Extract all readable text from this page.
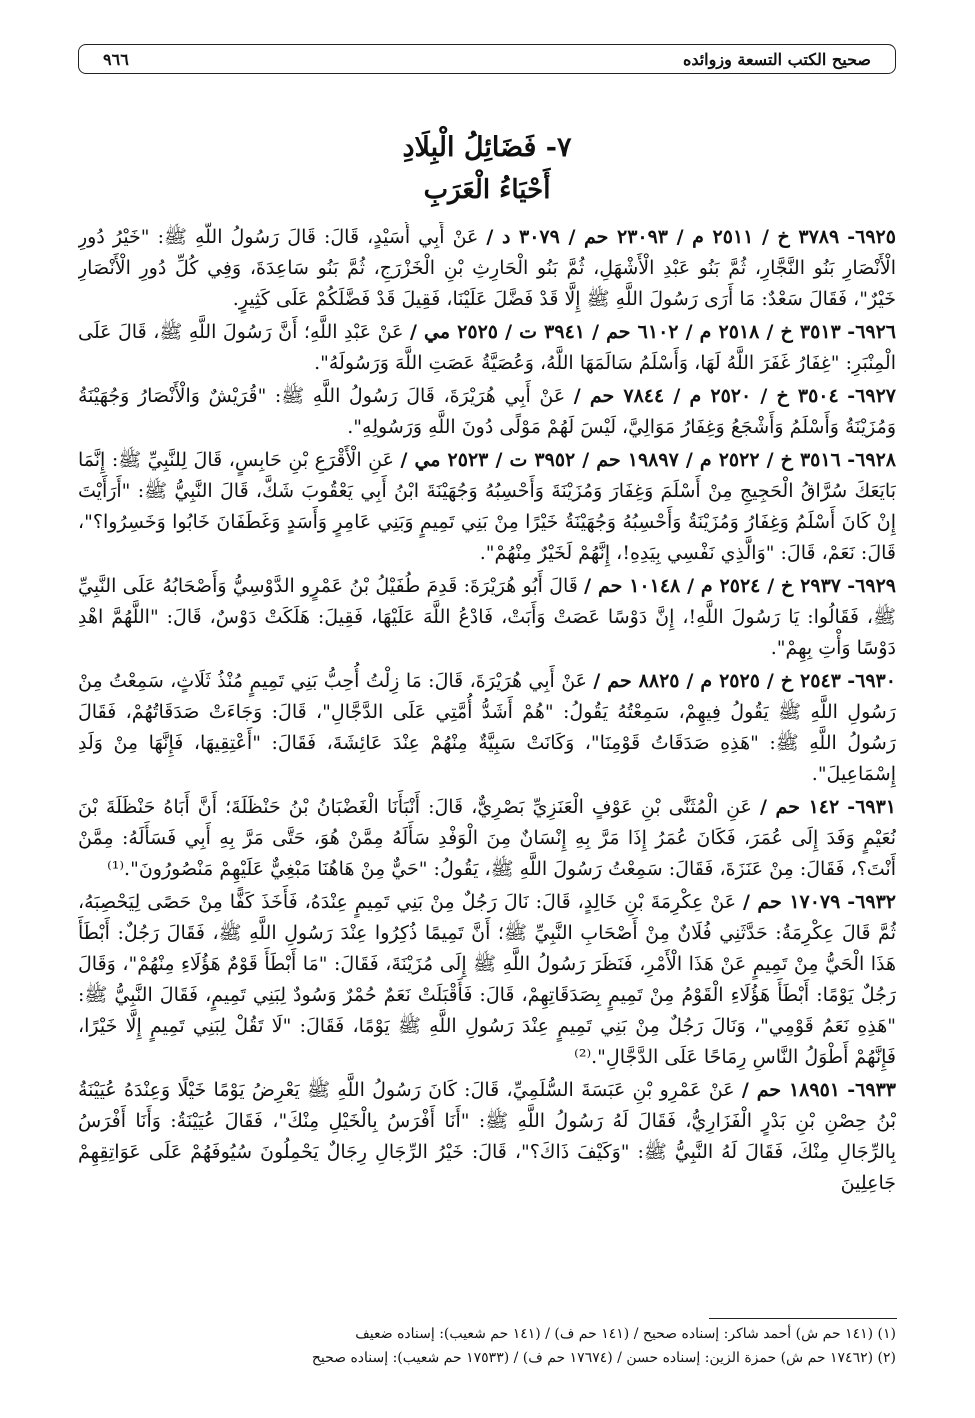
صحيح الكتب التسعة وزوائده
٩٦٦
٧- فَضَائِلُ الْبِلَادِ
أَحْيَاءُ الْعَرَبِ

٦٩٢٥- ٣٧٨٩ خ / ٢٥١١ م / ٢٣٠٩٣ حم / ٣٠٧٩ د / عَنْ أَبِي أُسَيْدٍ، قَالَ: قَالَ رَسُولُ اللَّهِ ﷺ: "خَيْرُ دُورِ الْأَنْصَارِ بَنُو النَّجَّارِ، ثُمَّ بَنُو عَبْدِ الْأَشْهَلِ، ثُمَّ بَنُو الْحَارِثِ بْنِ الْخَزْرَجِ، ثُمَّ بَنُو سَاعِدَةَ، وَفِي كُلِّ دُورِ الْأَنْصَارِ خَيْرٌ"، فَقَالَ سَعْدٌ: مَا أَرَى رَسُولَ اللَّهِ ﷺ إِلَّا قَدْ فَضَّلَ عَلَيْنَا، فَقِيلَ قَدْ فَضَّلَكُمْ عَلَى كَثِيرٍ.

٦٩٢٦- ٣٥١٣ خ / ٢٥١٨ م / ٦١٠٢ حم / ٣٩٤١ ت / ٢٥٢٥ مي / عَنْ عَبْدِ اللَّهِ؛ أَنَّ رَسُولَ اللَّهِ ﷺ، قَالَ عَلَى الْمِنْبَرِ: "غِفَارُ غَفَرَ اللَّهُ لَهَا، وَأَسْلَمُ سَالَمَهَا اللَّهُ، وَعُصَيَّةُ عَصَتِ اللَّهَ وَرَسُولَهُ".

٦٩٢٧- ٣٥٠٤ خ / ٢٥٢٠ م / ٧٨٤٤ حم / عَنْ أَبِي هُرَيْرَةَ، قَالَ رَسُولُ اللَّهِ ﷺ: "قُرَيْشٌ وَالْأَنْصَارُ وَجُهَيْنَةُ وَمُزَيْنَةُ وَأَسْلَمُ وَأَشْجَعُ وَغِفَارُ مَوَالِيَّ، لَيْسَ لَهُمْ مَوْلًى دُونَ اللَّهِ وَرَسُولِهِ".

٦٩٢٨- ٣٥١٦ خ / ٢٥٢٢ م / ١٩٨٩٧ حم / ٣٩٥٢ ت / ٢٥٢٣ مي / عَنِ الْأَقْرَعِ بْنِ حَابِسٍ، قَالَ لِلنَّبِيِّ ﷺ: إِنَّمَا بَايَعَكَ سُرَّاقُ الْحَجِيجِ مِنْ أَسْلَمَ وَغِفَارَ وَمُزَيْنَةَ وَأَحْسِبُهُ وَجُهَيْنَةَ ابْنُ أَبِي يَعْقُوبَ شَكَّ، قَالَ النَّبِيُّ ﷺ: "أَرَأَيْتَ إِنْ كَانَ أَسْلَمُ وَغِفَارُ وَمُزَيْنَةُ وَأَحْسِبُهُ وَجُهَيْنَةُ خَيْرًا مِنْ بَنِي تَمِيمٍ وَبَنِي عَامِرٍ وَأَسَدٍ وَغَطَفَانَ خَابُوا وَخَسِرُوا؟"، قَالَ: نَعَمْ، قَالَ: "وَالَّذِي نَفْسِي بِيَدِهِ!، إِنَّهُمْ لَخَيْرٌ مِنْهُمْ".

٦٩٢٩- ٢٩٣٧ خ / ٢٥٢٤ م / ١٠١٤٨ حم / قَالَ أَبُو هُرَيْرَةَ: قَدِمَ طُفَيْلُ بْنُ عَمْرٍو الدَّوْسِيُّ وَأَصْحَابُهُ عَلَى النَّبِيِّ ﷺ، فَقَالُوا: يَا رَسُولَ اللَّهِ!، إِنَّ دَوْسًا عَصَتْ وَأَبَتْ، فَادْعُ اللَّهَ عَلَيْهَا، فَقِيلَ: هَلَكَتْ دَوْسٌ، قَالَ: "اللَّهُمَّ اهْدِ دَوْسًا وَأْتِ بِهِمْ".

٦٩٣٠- ٢٥٤٣ خ / ٢٥٢٥ م / ٨٨٢٥ حم / عَنْ أَبِي هُرَيْرَةَ، قَالَ: مَا زِلْتُ أُحِبُّ بَنِي تَمِيمٍ مُنْذُ ثَلَاثٍ، سَمِعْتُ مِنْ رَسُولِ اللَّهِ ﷺ يَقُولُ فِيهِمْ، سَمِعْتُهُ يَقُولُ: "هُمْ أَشَدُّ أُمَّتِي عَلَى الدَّجَّالِ"، قَالَ: وَجَاءَتْ صَدَقَاتُهُمْ، فَقَالَ رَسُولُ اللَّهِ ﷺ: "هَذِهِ صَدَقَاتُ قَوْمِنَا"، وَكَانَتْ سَبِيَّةٌ مِنْهُمْ عِنْدَ عَائِشَةَ، فَقَالَ: "أَعْتِقِيهَا، فَإِنَّهَا مِنْ وَلَدِ إِسْمَاعِيلَ".

٦٩٣١- ١٤٢ حم / عَنِ الْمُثَنَّى بْنِ عَوْفٍ الْعَنَزِيِّ بَصْرِيٌّ، قَالَ: أَنْبَأَنَا الْغَضْبَانُ بْنُ حَنْظَلَةَ؛ أَنَّ أَبَاهُ حَنْظَلَةَ بْنَ نُعَيْمٍ وَفَدَ إِلَى عُمَرَ، فَكَانَ عُمَرُ إِذَا مَرَّ بِهِ إِنْسَانٌ مِنَ الْوَفْدِ سَأَلَهُ مِمَّنْ هُوَ، حَتَّى مَرَّ بِهِ أَبِي فَسَأَلَهُ: مِمَّنْ أَنْتَ؟، فَقَالَ: مِنْ عَنَزَةَ، فَقَالَ: سَمِعْتُ رَسُولَ اللَّهِ ﷺ، يَقُولُ: "حَيٌّ مِنْ هَاهُنَا مَبْغِيٌّ عَلَيْهِمْ مَنْصُورُونَ".⁽¹⁾

٦٩٣٢- ١٧٠٧٩ حم / عَنْ عِكْرِمَةَ بْنِ خَالِدٍ، قَالَ: نَالَ رَجُلٌ مِنْ بَنِي تَمِيمٍ عِنْدَهُ، فَأَخَذَ كَفًّا مِنْ حَصًى لِيَحْصِبَهُ، ثُمَّ قَالَ عِكْرِمَةُ: حَدَّثَنِي فُلَانٌ مِنْ أَصْحَابِ النَّبِيِّ ﷺ؛ أَنَّ تَمِيمًا ذُكِرُوا عِنْدَ رَسُولِ اللَّهِ ﷺ، فَقَالَ رَجُلٌ: أَبْطَأَ هَذَا الْحَيُّ مِنْ تَمِيمٍ عَنْ هَذَا الْأَمْرِ، فَنَظَرَ رَسُولُ اللَّهِ ﷺ إِلَى مُزَيْنَةَ، فَقَالَ: "مَا أَبْطَأَ قَوْمٌ هَؤُلَاءِ مِنْهُمْ"، وَقَالَ رَجُلٌ يَوْمًا: أَبْطَأَ هَؤُلَاءِ الْقَوْمُ مِنْ تَمِيمٍ بِصَدَقَاتِهِمْ، قَالَ: فَأَقْبَلَتْ نَعَمٌ حُمْرٌ وَسُودٌ لِبَنِي تَمِيمٍ، فَقَالَ النَّبِيُّ ﷺ: "هَذِهِ نَعَمُ قَوْمِي"، وَنَالَ رَجُلٌ مِنْ بَنِي تَمِيمٍ عِنْدَ رَسُولِ اللَّهِ ﷺ يَوْمًا، فَقَالَ: "لَا تَقُلْ لِبَنِي تَمِيمٍ إِلَّا خَيْرًا، فَإِنَّهُمْ أَطْوَلُ النَّاسِ رِمَاحًا عَلَى الدَّجَّالِ".⁽²⁾

٦٩٣٣- ١٨٩٥١ حم / عَنْ عَمْرِو بْنِ عَبَسَةَ السُّلَمِيِّ، قَالَ: كَانَ رَسُولُ اللَّهِ ﷺ يَعْرِضُ يَوْمًا خَيْلًا وَعِنْدَهُ عُيَيْنَةُ بْنُ حِصْنِ بْنِ بَدْرٍ الْفَزَارِيُّ، فَقَالَ لَهُ رَسُولُ اللَّهِ ﷺ: "أَنَا أَفْرَسُ بِالْخَيْلِ مِنْكَ"، فَقَالَ عُيَيْنَةُ: وَأَنَا أَفْرَسُ بِالرِّجَالِ مِنْكَ، فَقَالَ لَهُ النَّبِيُّ ﷺ: "وَكَيْفَ ذَاكَ؟"، قَالَ: خَيْرُ الرِّجَالِ رِجَالٌ يَحْمِلُونَ سُيُوفَهُمْ عَلَى عَوَاتِقِهِمْ جَاعِلِينَ

(١) (١٤١ حم ش) أحمد شاكر: إسناده صحيح / (١٤١ حم ف) / (١٤١ حم شعيب): إسناده ضعيف
(٢) (١٧٤٦٢ حم ش) حمزة الزين: إسناده حسن / (١٧٦٧٤ حم ف) / (١٧٥٣٣ حم شعيب): إسناده صحيح
